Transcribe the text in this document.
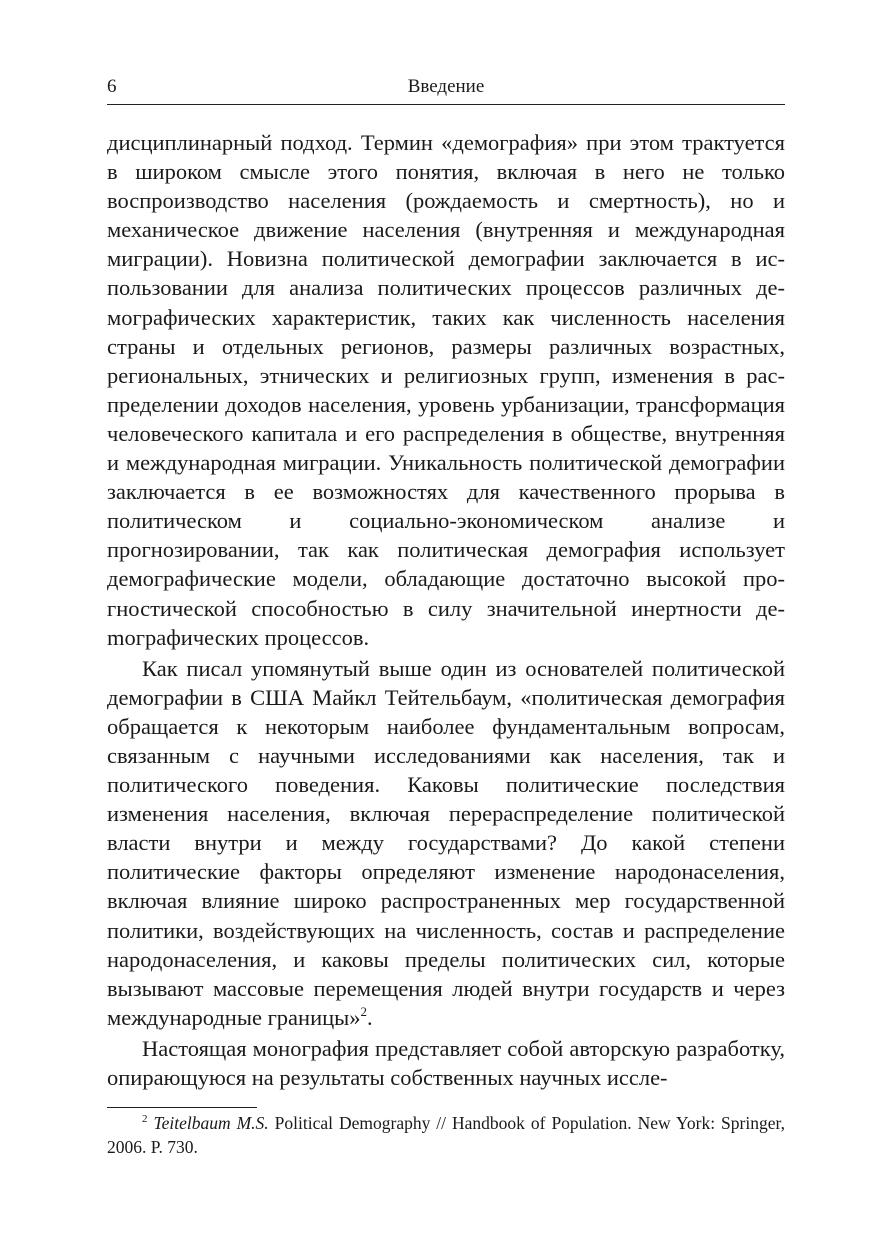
6	Введение

дисциплинарный подход. Термин «демография» при этом трактуется в широком смысле этого понятия, включая в него не только воспроизводство населения (рождаемость и смертность), но и механическое движение населения (внутренняя и международная миграции). Новизна политической демографии заключается в использовании для анализа политических процессов различных демографических характеристик, таких как численность населения страны и отдельных регионов, размеры различных возрастных, региональных, этнических и религиозных групп, изменения в распределении доходов населения, уровень урбанизации, трансформация человеческого капитала и его распределения в обществе, внутренняя и международная миграции. Уникальность политической демографии заключается в ее возможностях для качественного прорыва в политическом и социально-экономическом анализе и прогнозировании, так как политическая демография использует демографические модели, обладающие достаточно высокой прогностической способностью в силу значительной инертности деmографических процессов.

Как писал упомянутый выше один из основателей политической демографии в США Майкл Тейтельбаум, «политическая демография обращается к некоторым наиболее фундаментальным вопросам, связанным с научными исследованиями как населения, так и политического поведения. Каковы политические последствия изменения населения, включая перераспределение политической власти внутри и между государствами? До какой степени политические факторы определяют изменение народонаселения, включая влияние широко распространенных мер государственной политики, воздействующих на численность, состав и распределение народонаселения, и каковы пределы политических сил, которые вызывают массовые перемещения людей внутри государств и через международные границы»$^2$.

Настоящая монография представляет собой авторскую разработку, опирающуюся на результаты собственных научных иссле-

$^2$ Teitelbaum M.S. Political Demography // Handbook of Population. New York: Springer, 2006. P. 730.
